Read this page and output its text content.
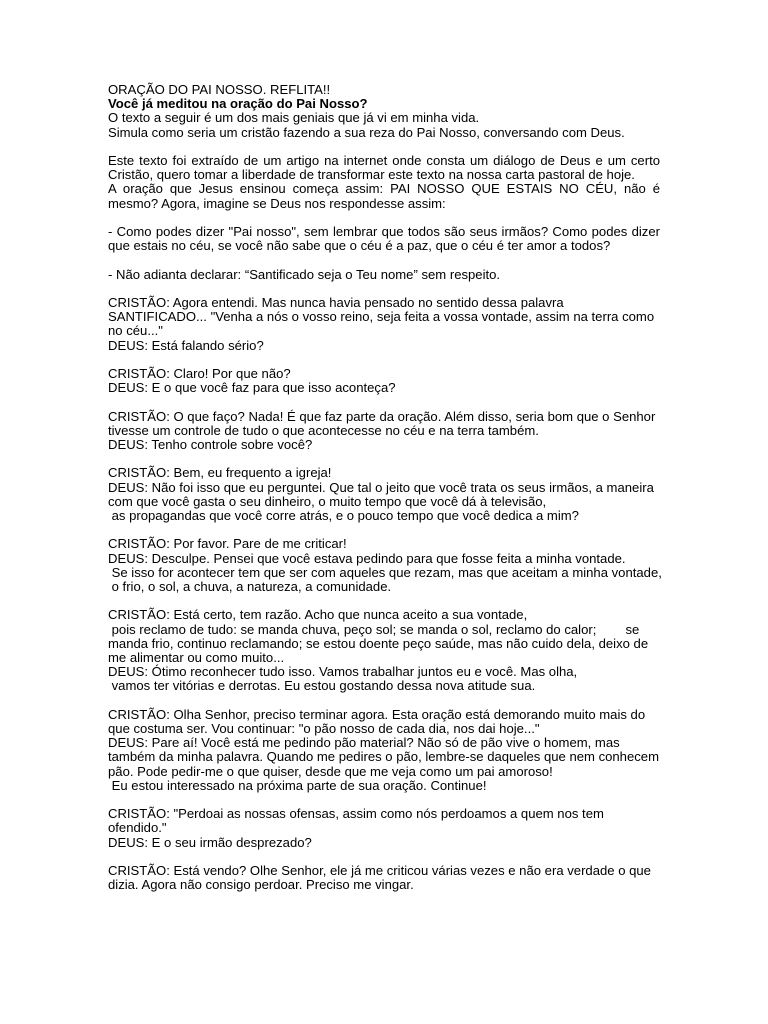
ORAÇÃO DO PAI NOSSO. REFLITA!!
Você já meditou na oração do Pai Nosso?
O texto a seguir é um dos mais geniais que já vi em minha vida.
Simula como seria um cristão fazendo a sua reza do Pai Nosso, conversando com Deus.
Este texto foi extraído de um artigo na internet onde consta um diálogo de Deus e um certo
Cristão, quero tomar a liberdade de transformar este texto na nossa carta pastoral de hoje.
A oração que Jesus ensinou começa assim: PAI NOSSO QUE ESTAIS NO CÉU, não é
mesmo? Agora, imagine se Deus nos respondesse assim:
- Como podes dizer "Pai nosso", sem lembrar que todos são seus irmãos? Como podes dizer
que estais no céu, se você não sabe que o céu é a paz, que o céu é ter amor a todos?
- Não adianta declarar: “Santificado seja o Teu nome” sem respeito.
CRISTÃO: Agora entendi. Mas nunca havia pensado no sentido dessa palavra
SANTIFICADO... "Venha a nós o vosso reino, seja feita a vossa vontade, assim na terra como
no céu..."
DEUS: Está falando sério?
CRISTÃO: Claro! Por que não?
DEUS: E o que você faz para que isso aconteça?
CRISTÃO: O que faço? Nada! É que faz parte da oração. Além disso, seria bom que o Senhor
tivesse um controle de tudo o que acontecesse no céu e na terra também.
DEUS: Tenho controle sobre você?
CRISTÃO: Bem, eu frequento a igreja!
DEUS: Não foi isso que eu perguntei. Que tal o jeito que você trata os seus irmãos, a maneira
com que você gasta o seu dinheiro, o muito tempo que você dá à televisão,
as propagandas que você corre atrás, e o pouco tempo que você dedica a mim?
CRISTÃO: Por favor. Pare de me criticar!
DEUS: Desculpe. Pensei que você estava pedindo para que fosse feita a minha vontade.
Se isso for acontecer tem que ser com aqueles que rezam, mas que aceitam a minha vontade,
o frio, o sol, a chuva, a natureza, a comunidade.
CRISTÃO: Está certo, tem razão. Acho que nunca aceito a sua vontade,
pois reclamo de tudo: se manda chuva, peço sol; se manda o sol, reclamo do calor;        se
manda frio, continuo reclamando; se estou doente peço saúde, mas não cuido dela, deixo de
me alimentar ou como muito...
DEUS: Ótimo reconhecer tudo isso. Vamos trabalhar juntos eu e você. Mas olha,
vamos ter vitórias e derrotas. Eu estou gostando dessa nova atitude sua.
CRISTÃO: Olha Senhor, preciso terminar agora. Esta oração está demorando muito mais do
que costuma ser. Vou continuar: "o pão nosso de cada dia, nos dai hoje..."
DEUS: Pare aí! Você está me pedindo pão material? Não só de pão vive o homem, mas
também da minha palavra. Quando me pedires o pão, lembre-se daqueles que nem conhecem
pão. Pode pedir-me o que quiser, desde que me veja como um pai amoroso!
Eu estou interessado na próxima parte de sua oração. Continue!
CRISTÃO: "Perdoai as nossas ofensas, assim como nós perdoamos a quem nos tem
ofendido."
DEUS: E o seu irmão desprezado?
CRISTÃO: Está vendo? Olhe Senhor, ele já me criticou várias vezes e não era verdade o que
dizia. Agora não consigo perdoar. Preciso me vingar.
